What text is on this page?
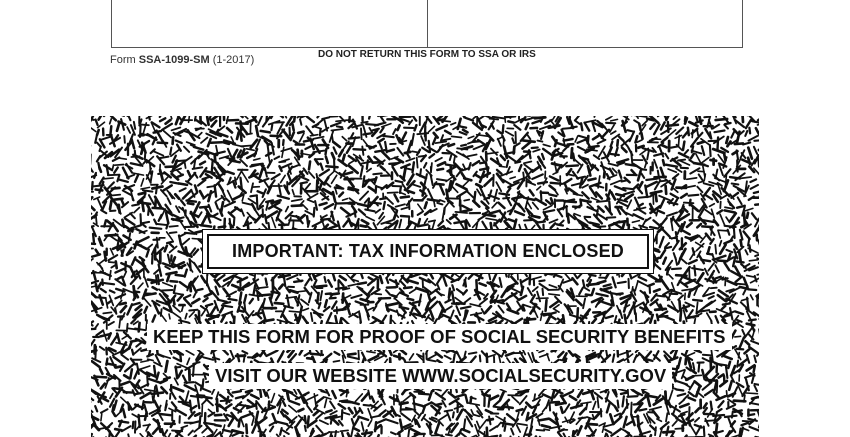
Form SSA-1099-SM (1-2017)	DO NOT RETURN THIS FORM TO SSA OR IRS
IMPORTANT: TAX INFORMATION ENCLOSED
KEEP THIS FORM FOR PROOF OF SOCIAL SECURITY BENEFITS
VISIT OUR WEBSITE WWW.SOCIALSECURITY.GOV
